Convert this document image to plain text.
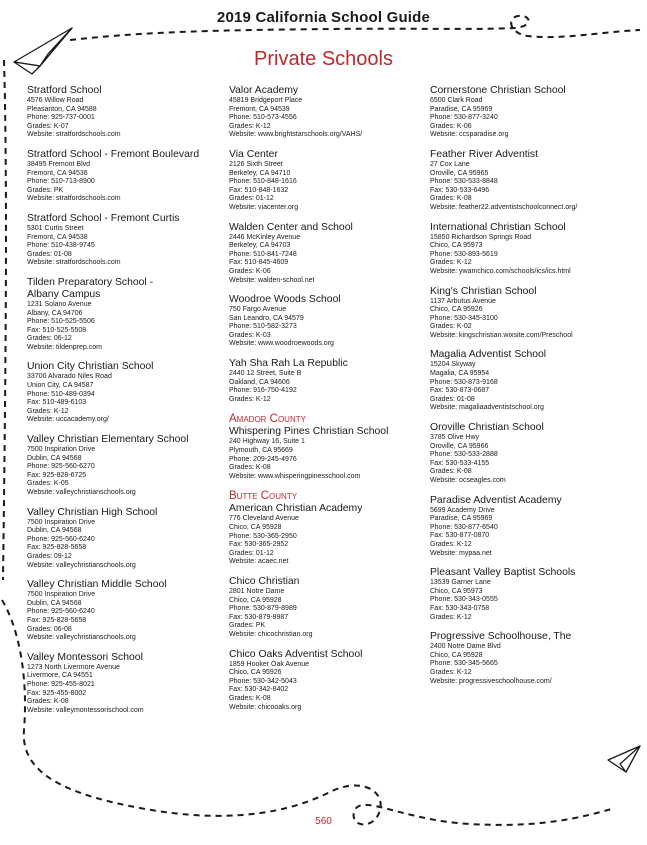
2019 California School Guide
Private Schools
Stratford School
4576 Willow Road
Pleasanton, CA 94588
Phone: 925-737-0001
Grades: K-07
Website: stratfordschools.com
Stratford School - Fremont Boulevard
38495 Fremont Blvd
Fremont, CA 94536
Phone: 510-713-8900
Grades: PK
Website: stratfordschools.com
Stratford School - Fremont Curtis
5301 Curtis Street
Fremont, CA 94538
Phone: 510-438-9745
Grades: 01-08
Website: stratfordschools.com
Tilden Preparatory School -
Albany Campus
1231 Solano Avenue
Albany, CA 94706
Phone: 510-525-5506
Fax: 510-525-5508
Grades: 06-12
Website: tildenprep.com
Union City Christian School
33700 Alvarado Niles Road
Union City, CA 94587
Phone: 510-489-0394
Fax: 510-489-6103
Grades: K-12
Website: uccacademy.org/
Valley Christian Elementary School
7500 Inspiration Drive
Dublin, CA 94568
Phone: 925-560-6270
Fax: 925-828-6725
Grades: K-05
Website: valleychristianschools.org
Valley Christian High School
7500 Inspiration Drive
Dublin, CA 94568
Phone: 925-560-6240
Fax: 925-828-5658
Grades: 09-12
Website: valleychristianschools.org
Valley Christian Middle School
7500 Inspiration Drive
Dublin, CA 94568
Phone: 925-560-6240
Fax: 925-828-5658
Grades: 06-08
Website: valleychristianschools.org
Valley Montessori School
1273 North Livermore Avenue
Livermore, CA 94551
Phone: 925-455-8021
Fax: 925-455-8002
Grades: K-08
Website: valleymontessorischool.com
Valor Academy
45819 Bridgeport Place
Fremont, CA 94539
Phone: 510-573-4556
Grades: K-12
Website: www.brightstarschools.org/VAHS/
Via Center
2126 Sixth Street
Berkeley, CA 94710
Phone: 510-848-1616
Fax: 510-848-1632
Grades: 01-12
Website: viacenter.org
Walden Center and School
2446 McKinley Avenue
Berkeley, CA 94703
Phone: 510-841-7248
Fax: 510-845-4609
Grades: K-06
Website: walden-school.net
Woodroe Woods School
750 Fargo Avenue
San Leandro, CA 94579
Phone: 510-582-3273
Grades: K-03
Website: www.woodroewoods.org
Yah Sha Rah La Republic
2440 12 Street, Suite B
Oakland, CA 94606
Phone: 916-750-4192
Grades: K-12
Amador County
Whispering Pines Christian School
240 Highway 16, Suite 1
Plymouth, CA 95669
Phone: 209-245-4976
Grades: K-08
Website: www.whisperingpinesschool.com
Butte County
American Christian Academy
776 Cleveland Avenue
Chico, CA 95928
Phone: 530-365-2950
Fax: 530-365-2952
Grades: 01-12
Website: acaec.net
Chico Christian
2801 Notre Dame
Chico, CA 95928
Phone: 530-879-8989
Fax: 530-879-8987
Grades: PK
Website: chicochristian.org
Chico Oaks Adventist School
1859 Hooker Oak Avenue
Chico, CA 95926
Phone: 530-342-5043
Fax: 530-342-8402
Grades: K-08
Website: chicooaks.org
Cornerstone Christian School
6500 Clark Road
Paradise, CA 95969
Phone: 530-877-3240
Grades: K-06
Website: ccsparadise.org
Feather River Adventist
27 Cox Lane
Oroville, CA 95965
Phone: 530-533-8848
Fax: 530-533-6496
Grades: K-08
Website: feather22.adventistschoolconnect.org/
International Christian School
15850 Richardson Springs Road
Chico, CA 95973
Phone: 530-893-5619
Grades: K-12
Website: ywamchico.com/schools/ics/ics.html
King's Christian School
1137 Arbutus Avenue
Chico, CA 95926
Phone: 530-345-3100
Grades: K-02
Website: kingschristian.wixsite.com/Preschool
Magalia Adventist School
15204 Skyway
Magalia, CA 95954
Phone: 530-873-9168
Fax: 530-873-0687
Grades: 01-08
Website: magaliaadventistschool.org
Oroville Christian School
3785 Olive Hwy
Oroville, CA 95966
Phone: 530-533-2888
Fax: 530-533-4155
Grades: K-08
Website: ocseagles.com
Paradise Adventist Academy
5699 Academy Drive
Paradise, CA 95969
Phone: 530-877-6540
Fax: 530-877-0870
Grades: K-12
Website: mypaa.net
Pleasant Valley Baptist Schools
13539 Garner Lane
Chico, CA 95973
Phone: 530-343-0555
Fax: 530-343-0758
Grades: K-12
Progressive Schoolhouse, The
2400 Notre Dame Blvd
Chico, CA 95928
Phone: 530-345-5665
Grades: K-12
Website: progressiveschoolhouse.com/
560
